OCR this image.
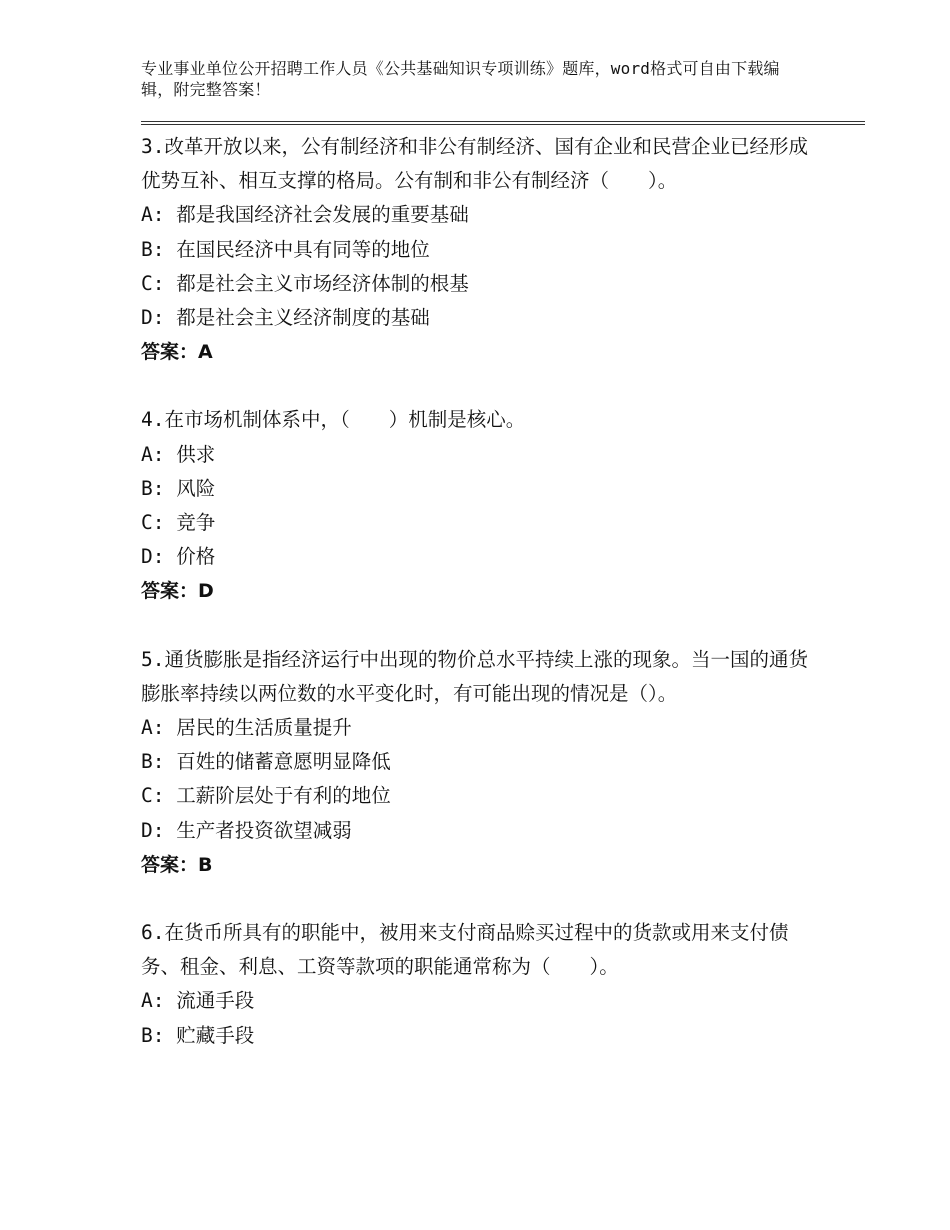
专业事业单位公开招聘工作人员《公共基础知识专项训练》题库，word格式可自由下载编辑，附完整答案！

3.改革开放以来，公有制经济和非公有制经济、国有企业和民营企业已经形成优势互补、相互支撑的格局。公有制和非公有制经济（　　）。

A: 都是我国经济社会发展的重要基础

B: 在国民经济中具有同等的地位

C: 都是社会主义市场经济体制的根基

D: 都是社会主义经济制度的基础

答案：A

4.在市场机制体系中，（　　）机制是核心。

A: 供求

B: 风险

C: 竞争

D: 价格

答案：D

5.通货膨胀是指经济运行中出现的物价总水平持续上涨的现象。当一国的通货膨胀率持续以两位数的水平变化时，有可能出现的情况是（）。

A: 居民的生活质量提升

B: 百姓的储蓄意愿明显降低

C: 工薪阶层处于有利的地位

D: 生产者投资欲望减弱

答案：B

6.在货币所具有的职能中，被用来支付商品赊买过程中的货款或用来支付债务、租金、利息、工资等款项的职能通常称为（　　）。

A: 流通手段

B: 贮藏手段
